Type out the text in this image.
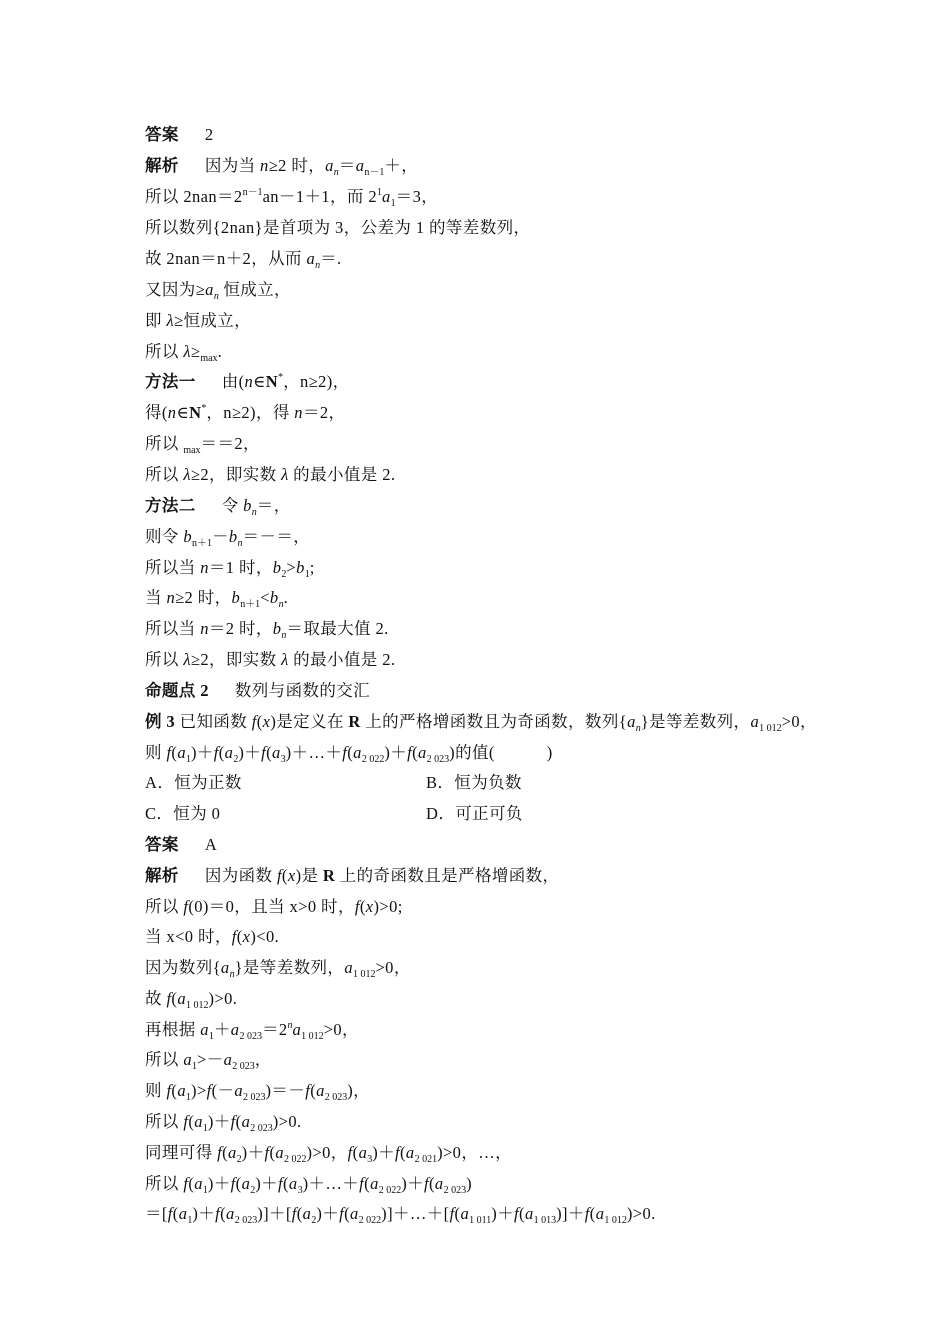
答案 2
解析 因为当 n≥2 时，$a_n=a_{n-1}+$，
所以 $2nan=2^{n-1}an-1+1$，而 $2^1a_1=3$，
所以数列{2nan}是首项为 3，公差为 1 的等差数列，
故 2nan＝n＋2，从而 $a_n=$.
又因为$\ge a_n$ 恒成立，
即 λ≥恒成立，
所以 $\lambda\ge_{max}$.
方法一 由(n∈N*，n≥2)，
得(n∈N*，n≥2)，得 n＝2，
所以 $_{max}$＝＝2，
所以 λ≥2，即实数 λ 的最小值是 2.
方法二 令 $b_n=$，
则令 $b_{n+1}-b_n=-=$，
所以当 n＝1 时，$b_2>b_1$;
当 n≥2 时，$b_{n+1}<b_n$.
所以当 n＝2 时，$b_n=$取最大值 2.
所以 λ≥2，即实数 λ 的最小值是 2.
命题点 2 数列与函数的交汇
例 3 已知函数 f(x)是定义在 R 上的严格增函数且为奇函数，数列$\{a_n\}$是等差数列，$a_{1 012}>0$，
则 $f(a_1)+f(a_2)+f(a_3)+\dots+f(a_{2 022})+f(a_{2 023})$的值(	)
A．恒为正数	B．恒为负数
C．恒为 0	D．可正可负
答案 A
解析 因为函数 f(x)是 R 上的奇函数且是严格增函数，
所以 f(0)＝0，且当 x>0 时，f(x)>0;
当 x<0 时，f(x)<0.
因为数列$\{a_n\}$是等差数列，$a_{1 012}>0$，
故 $f(a_{1 012})>0$.
再根据 $a_1+a_{2 023}=2^na_{1 012}>0$，
所以 $a_1>-a_{2 023}$，
则 $f(a_1)>f(-a_{2 023})=-f(a_{2 023})$，
所以 $f(a_1)+f(a_{2 023})>0$.
同理可得 $f(a_2)+f(a_{2 022})>0$，$f(a_3)+f(a_{2 021})>0$，…，
所以 $f(a_1)+f(a_2)+f(a_3)+\dots+f(a_{2 022})+f(a_{2 023})$
$=[f(a_1)+f(a_{2 023})]+[f(a_2)+f(a_{2 022})]+\dots+[f(a_{1 011})+f(a_{1 013})]+f(a_{1 012})>0$.
